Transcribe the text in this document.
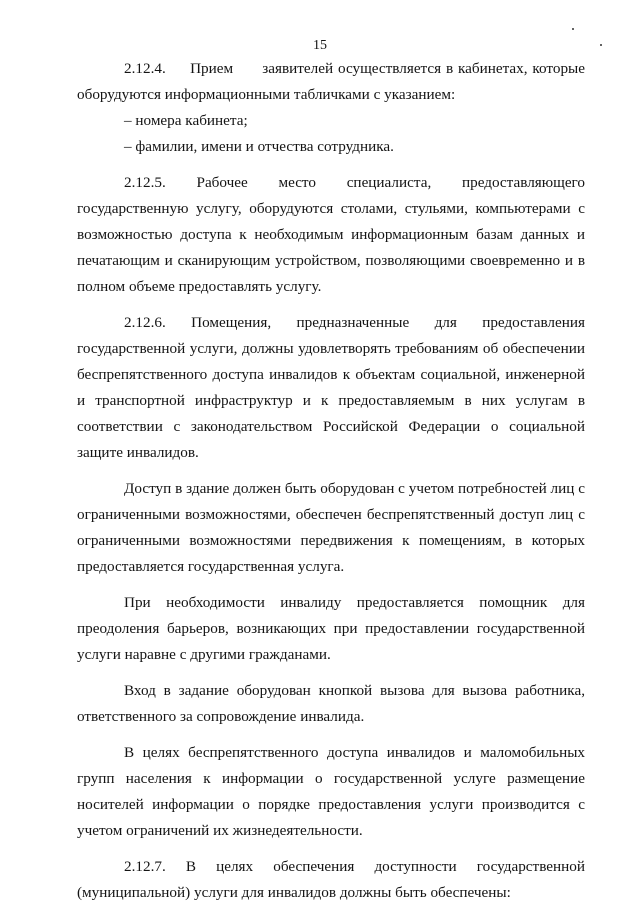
15

2.12.4.     Прием      заявителей осуществляется в кабинетах, которые оборудуются информационными табличками с указанием:

– номера кабинета;

– фамилии, имени и отчества сотрудника.

2.12.5. Рабочее место специалиста, предоставляющего государственную услугу, оборудуются столами, стульями, компьютерами с возможностью доступа к необходимым информационным базам данных и печатающим и сканирующим устройством, позволяющими своевременно и в полном объеме предоставлять услугу.

2.12.6. Помещения, предназначенные для предоставления государственной услуги, должны удовлетворять требованиям об обеспечении беспрепятственного доступа инвалидов к объектам социальной, инженерной и транспортной инфраструктур и к предоставляемым в них услугам в соответствии с законодательством Российской Федерации о социальной защите инвалидов.

Доступ в здание должен быть оборудован с учетом потребностей лиц с ограниченными возможностями, обеспечен беспрепятственный доступ лиц с ограниченными возможностями передвижения к помещениям, в которых предоставляется государственная услуга.

При необходимости инвалиду предоставляется помощник для преодоления барьеров, возникающих при предоставлении государственной услуги наравне с другими гражданами.

Вход в задание оборудован кнопкой вызова для вызова работника, ответственного за сопровождение инвалида.

В целях беспрепятственного доступа инвалидов и маломобильных групп населения к информации о государственной услуге размещение носителей информации о порядке предоставления услуги производится с учетом ограничений их жизнедеятельности.

2.12.7. В целях обеспечения доступности государственной (муниципальной) услуги для инвалидов должны быть обеспечены:
